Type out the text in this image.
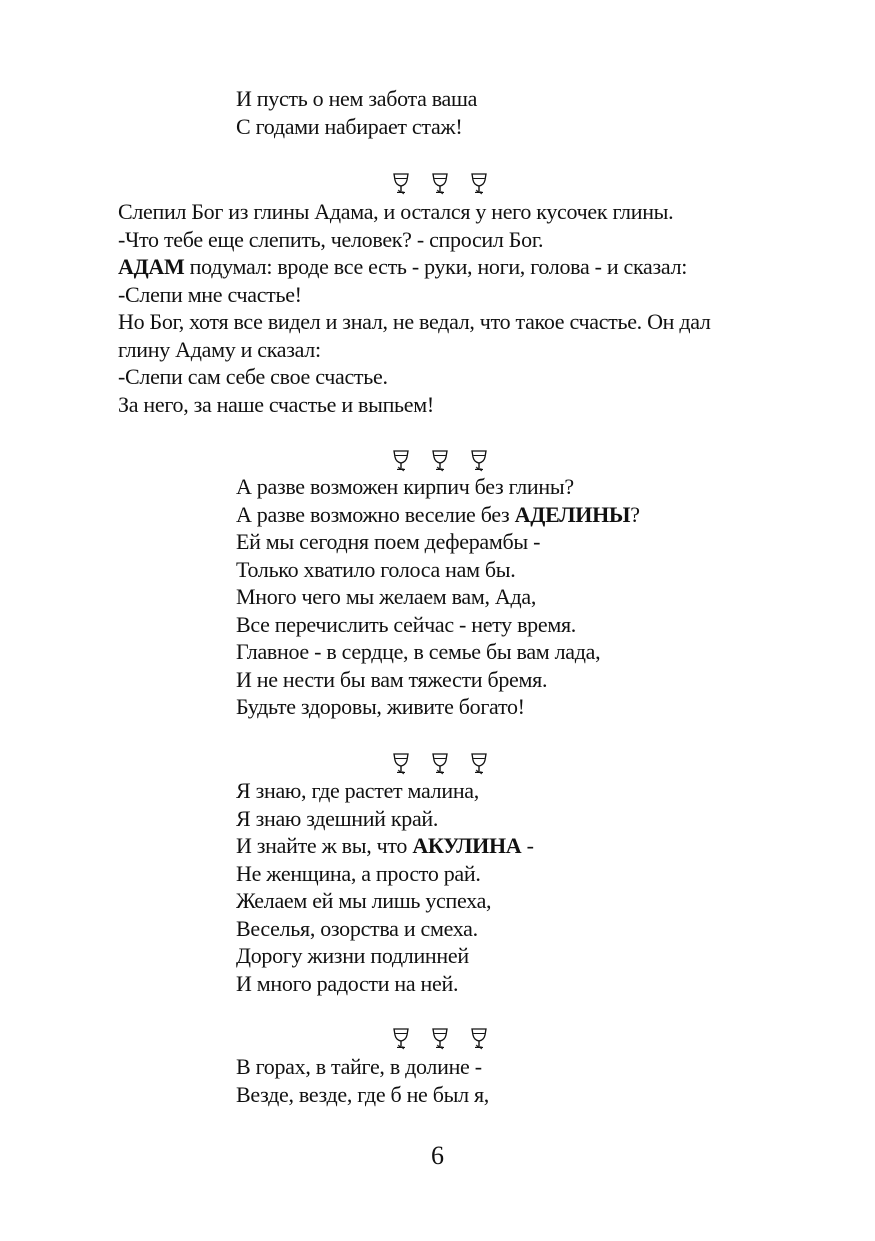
И пусть о нем забота ваша
С годами набирает стаж!
Слепил Бог из глины Адама, и остался у него кусочек глины.
-Что тебе еще слепить, человек? - спросил Бог.
АДАМ подумал: вроде все есть - руки, ноги, голова - и сказал:
-Слепи мне счастье!
Но Бог, хотя все видел и знал, не ведал, что такое счастье. Он дал
глину Адаму и сказал:
-Слепи сам себе свое счастье.
За него, за наше счастье и выпьем!
А разве возможен кирпич без глины?
А разве возможно веселие без АДЕЛИНЫ?
Ей мы сегодня поем деферамбы -
Только хватило голоса нам бы.
Много чего мы желаем вам, Ада,
Все перечислить сейчас - нету время.
Главное - в сердце, в семье бы вам лада,
И не нести бы вам тяжести бремя.
Будьте здоровы, живите богато!
Я знаю, где растет малина,
Я знаю здешний край.
И знайте ж вы, что АКУЛИНА -
Не женщина, а просто рай.
Желаем ей мы лишь успеха,
Веселья, озорства и смеха.
Дорогу жизни подлинней
И много радости на ней.
В горах, в тайге, в долине -
Везде, везде, где б не был я,
6
